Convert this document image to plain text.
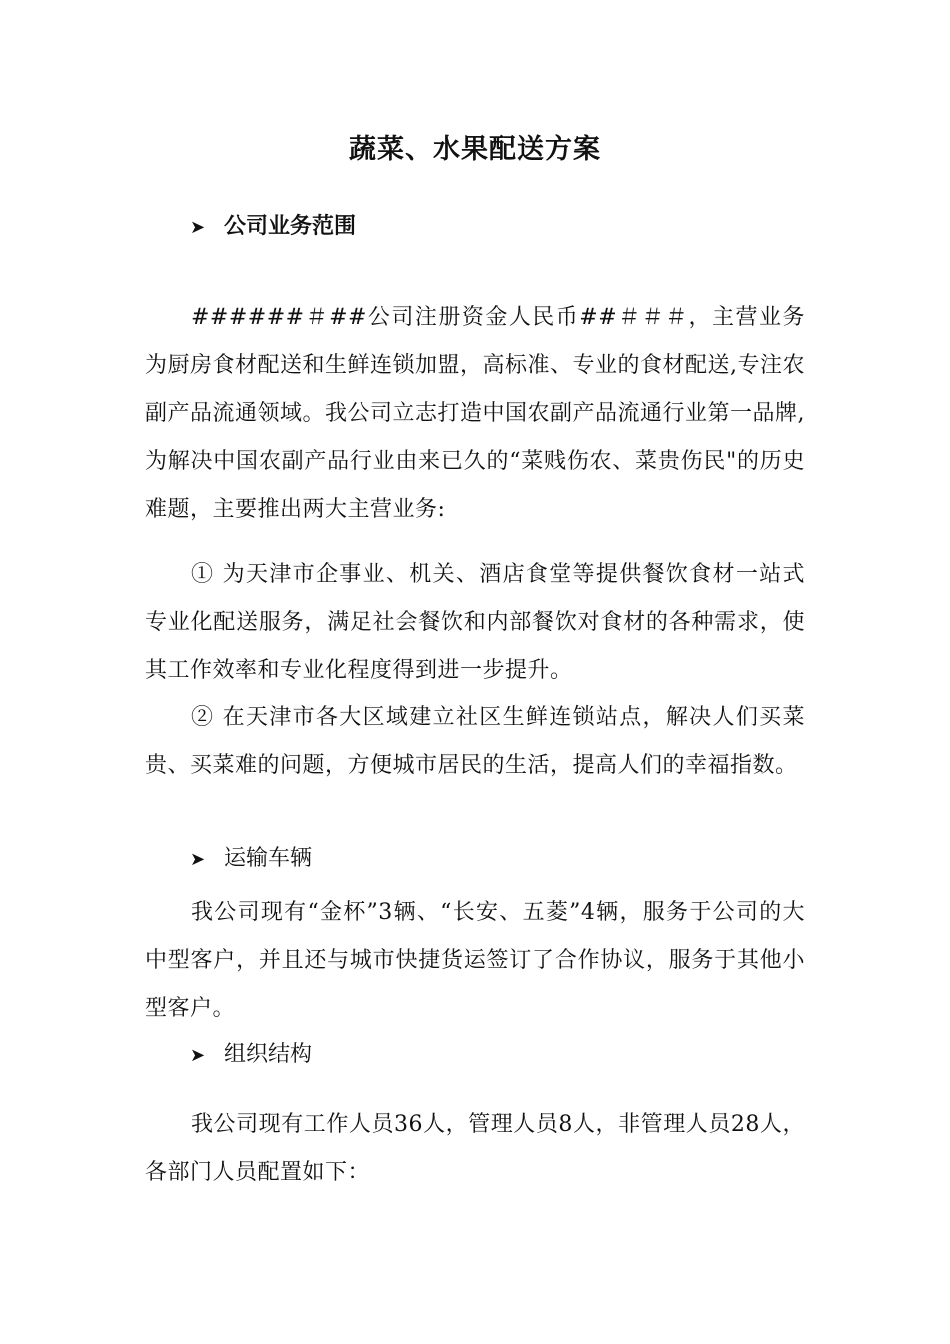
蔬菜、水果配送方案
➤ 公司业务范围

######＃##公司注册资金人民币##＃＃＃，主营业务为厨房食材配送和生鲜连锁加盟，高标准、专业的食材配送,专注农副产品流通领域。我公司立志打造中国农副产品流通行业第一品牌,为解决中国农副产品行业由来已久的“菜贱伤农、菜贵伤民"的历史难题，主要推出两大主营业务:

① 为天津市企事业、机关、酒店食堂等提供餐饮食材一站式专业化配送服务，满足社会餐饮和内部餐饮对食材的各种需求，使其工作效率和专业化程度得到进一步提升。

② 在天津市各大区域建立社区生鲜连锁站点，解决人们买菜贵、买菜难的问题，方便城市居民的生活，提高人们的幸福指数。

➤ 运输车辆

我公司现有“金杯”3辆、“长安、五菱”4辆，服务于公司的大中型客户，并且还与城市快捷货运签订了合作协议，服务于其他小型客户。

➤ 组织结构

我公司现有工作人员36人，管理人员8人，非管理人员28人，各部门人员配置如下：
